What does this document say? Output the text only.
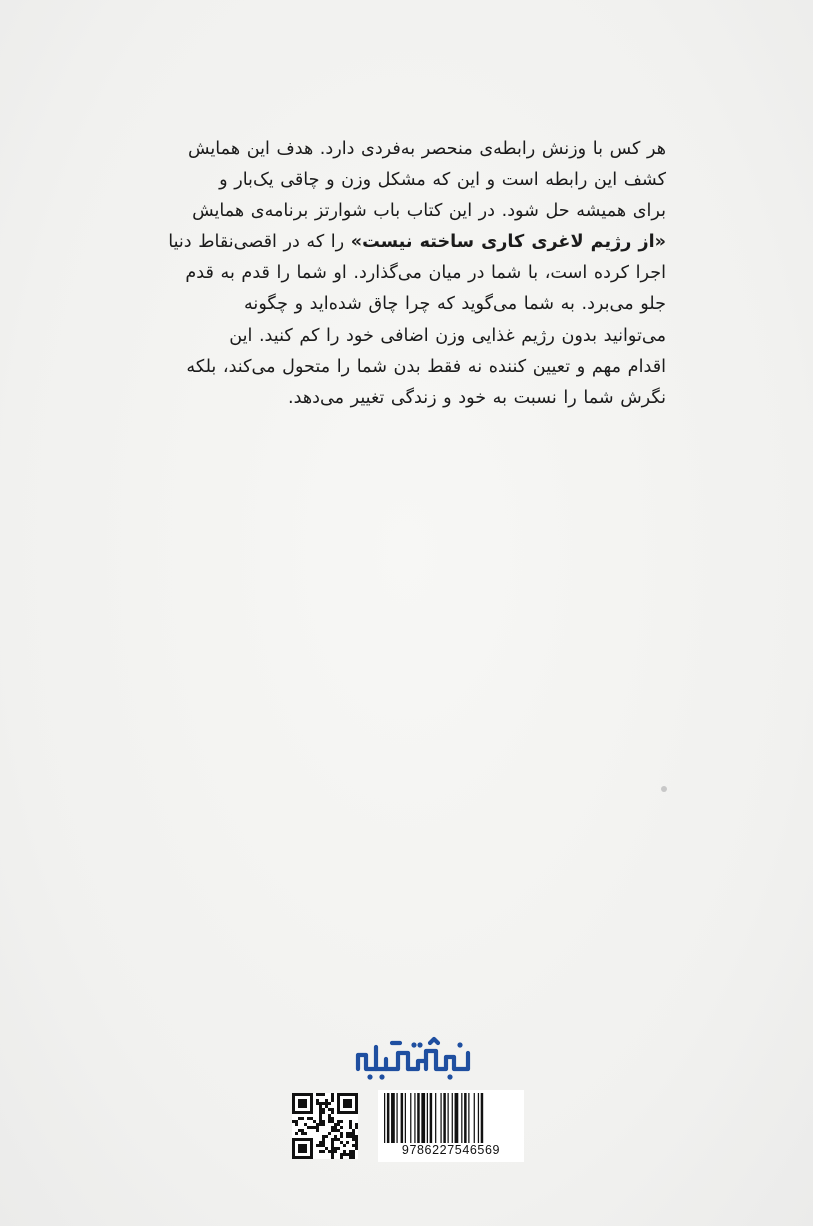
هر کس با وزنش رابطه‌ی منحصر به‌فردی دارد. هدف این همایش
کشف این رابطه است و این که مشکل وزن و چاقی یک‌بار و
برای همیشه حل شود. در این کتاب باب شوارتز برنامه‌ی همایش
«از رژیم لاغری کاری ساخته نیست» را که در اقصی‌نقاط دنیا
اجرا کرده است، با شما در میان می‌گذارد. او شما را قدم به قدم
جلو می‌برد. به شما می‌گوید که چرا چاق شده‌اید و چگونه
می‌توانید بدون رژیم غذایی وزن اضافی خود را کم کنید. این
اقدام مهم و تعیین کننده نه فقط بدن شما را متحول می‌کند، بلکه
نگرش شما را نسبت به خود و زندگی تغییر می‌دهد.
9786227546569
